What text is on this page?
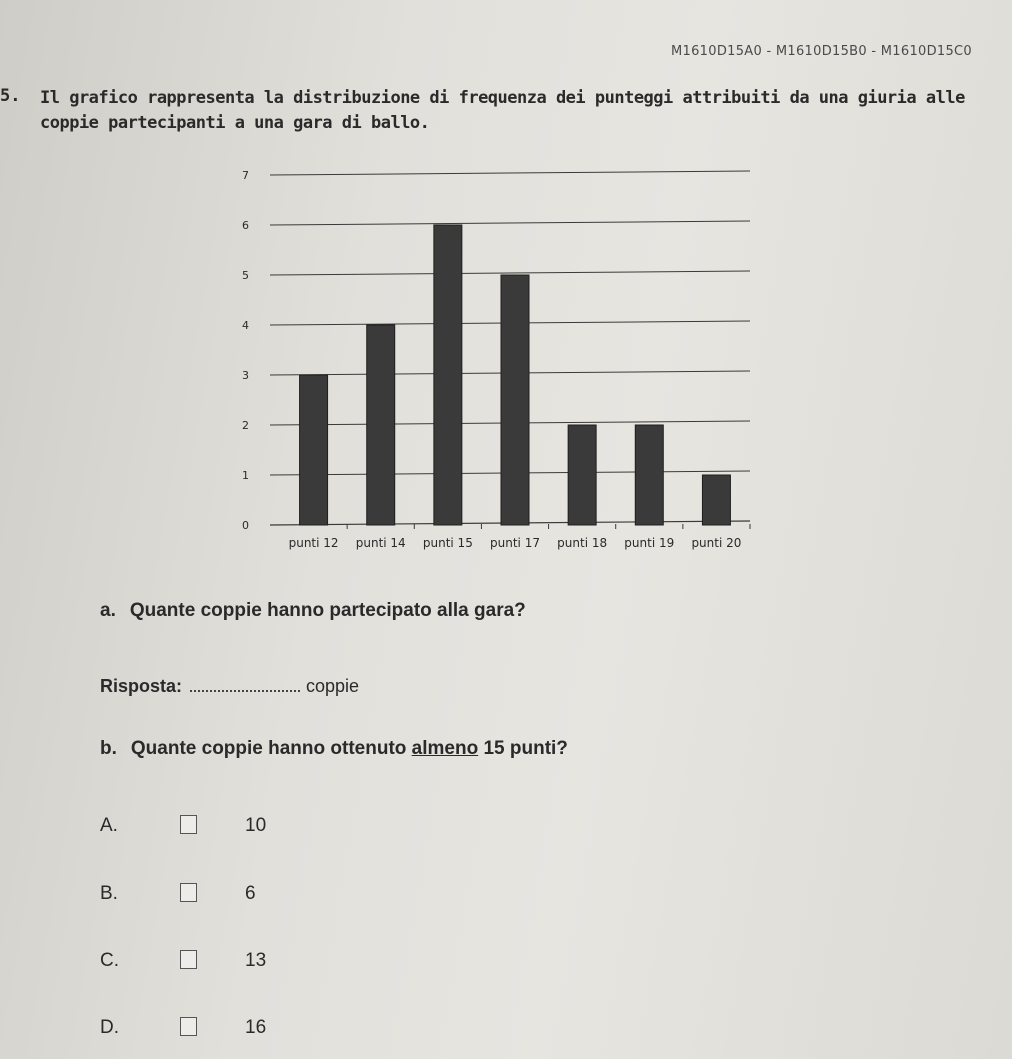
M1610D15A0 - M1610D15B0 - M1610D15C0
5. Il grafico rappresenta la distribuzione di frequenza dei punteggi attribuiti da una giuria alle coppie partecipanti a una gara di ballo.
0
1
2
3
4
5
6
7
punti 12 punti 14 punti 15 punti 17 punti 18 punti 19 punti 20
a. Quante coppie hanno partecipato alla gara?
Risposta:	coppie
b. Quante coppie hanno ottenuto almeno 15 punti?
A.	10
B.	6
C.	13
D.	16
